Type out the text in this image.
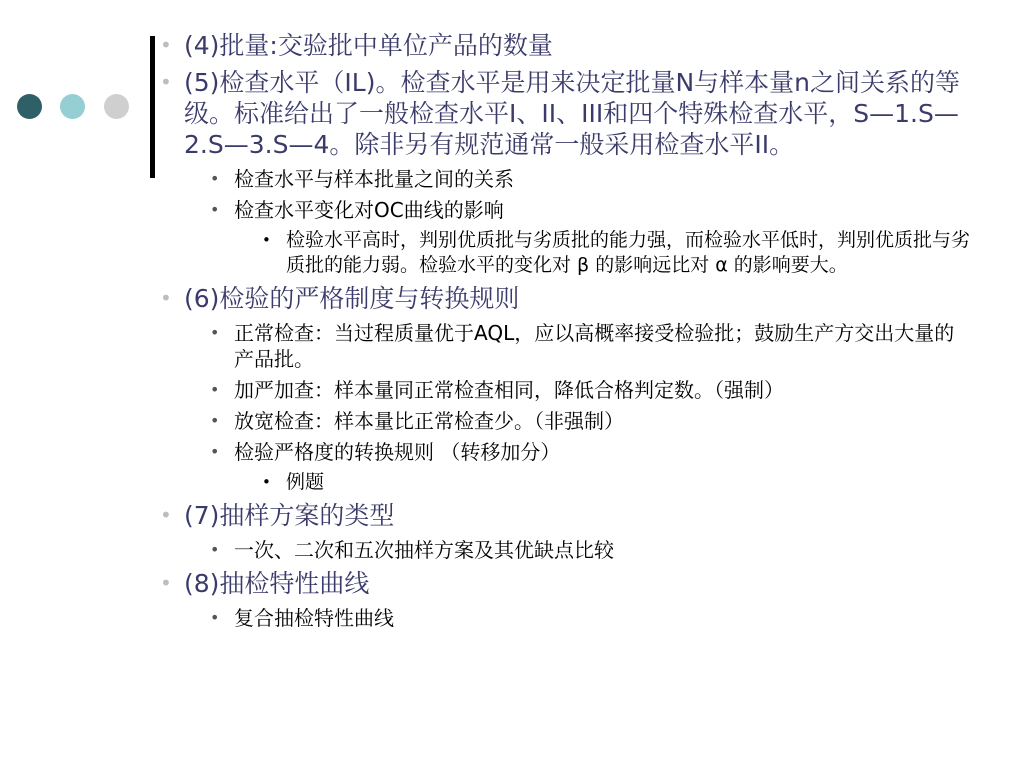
• (4)批量:交验批中单位产品的数量
• (5)检查水平（IL)。检查水平是用来决定批量N与样本量n之间关系的等级。标准给出了一般检查水平I、II、III和四个特殊检查水平，S—1.S—2.S—3.S—4。除非另有规范通常一般采用检查水平II。
• 检查水平与样本批量之间的关系
• 检查水平变化对OC曲线的影响
• 检验水平高时，判别优质批与劣质批的能力强，而检验水平低时，判别优质批与劣质批的能力弱。检验水平的变化对 β 的影响远比对 α 的影响要大。
• (6)检验的严格制度与转换规则
• 正常检查：当过程质量优于AQL，应以高概率接受检验批；鼓励生产方交出大量的产品批。
• 加严加查：样本量同正常检查相同，降低合格判定数。（强制）
• 放宽检查：样本量比正常检查少。（非强制）
• 检验严格度的转换规则 （转移加分）
• 例题
• (7)抽样方案的类型
• 一次、二次和五次抽样方案及其优缺点比较
• (8)抽检特性曲线
• 复合抽检特性曲线
